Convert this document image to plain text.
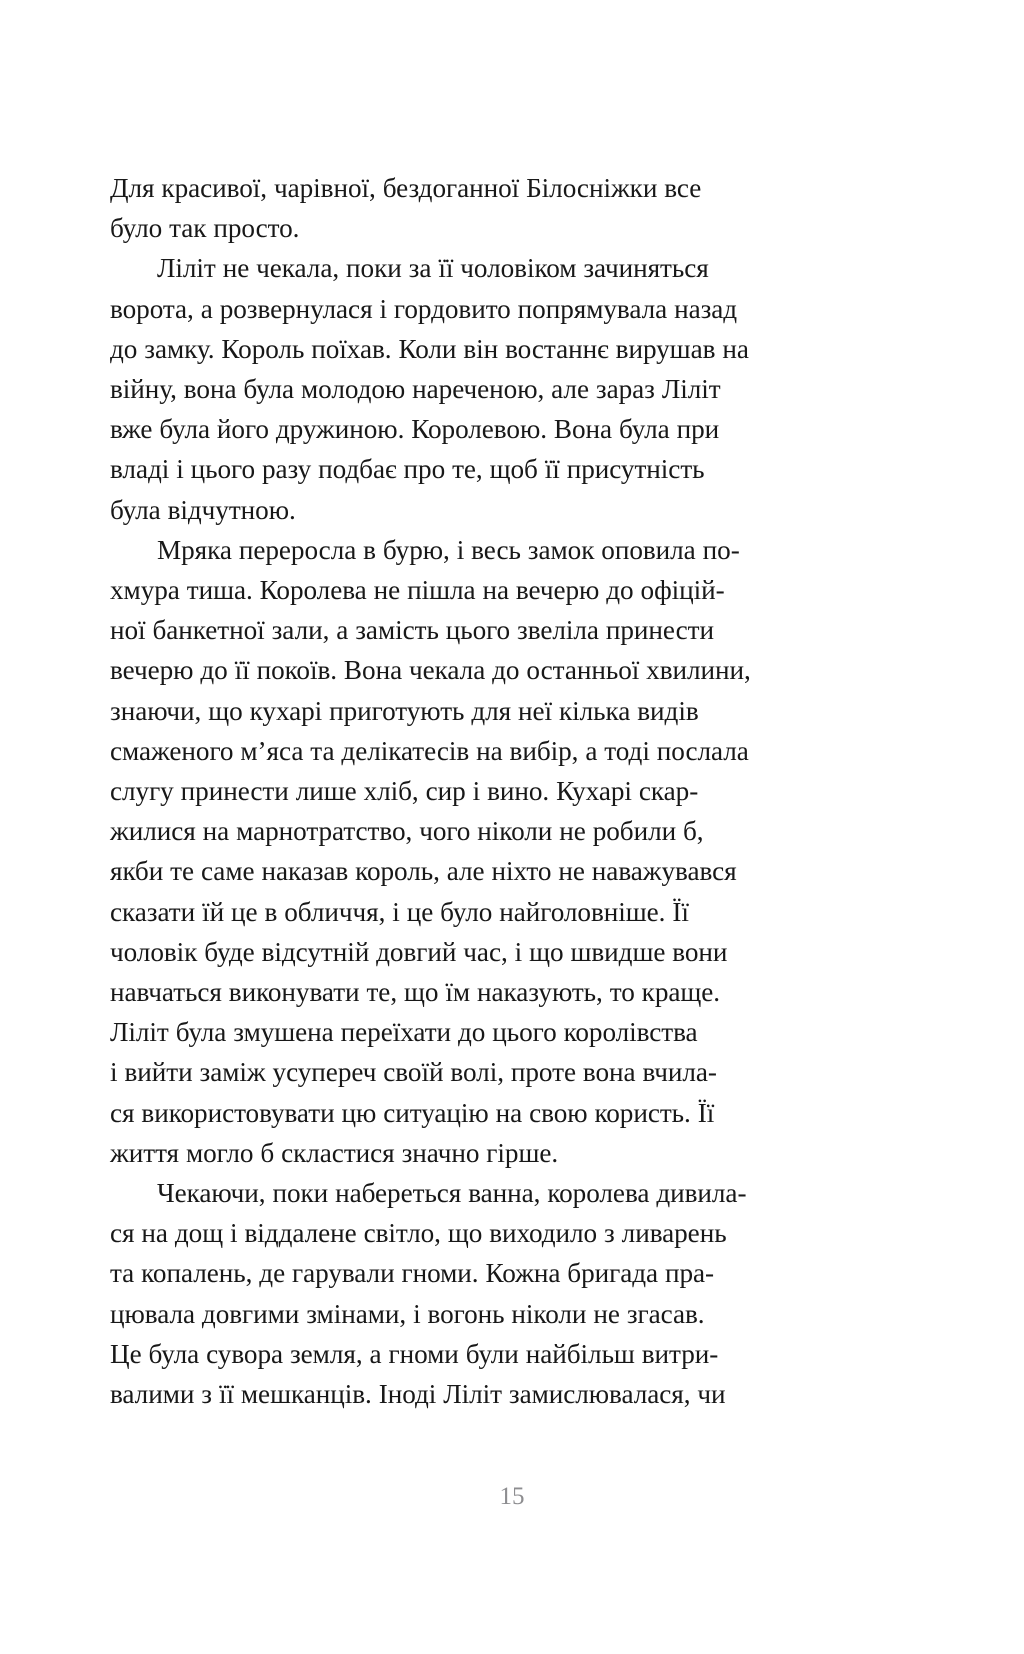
Для красивої, чарівної, бездоганної Білосніжки все
було так просто.

Ліліт не чекала, поки за її чоловіком зачиняться
ворота, а розвернулася і гордовито попрямувала назад
до замку. Король поїхав. Коли він востаннє вирушав на
війну, вона була молодою нареченою, але зараз Ліліт
вже була його дружиною. Королевою. Вона була при
владі і цього разу подбає про те, щоб її присутність
була відчутною.

Мряка переросла в бурю, і весь замок оповила по-
хмура тиша. Королева не пішла на вечерю до офіцій-
ної банкетної зали, а замість цього звеліла принести
вечерю до її покоїв. Вона чекала до останньої хвилини,
знаючи, що кухарі приготують для неї кілька видів
смаженого м’яса та делікатесів на вибір, а тоді послала
слугу принести лише хліб, сир і вино. Кухарі скар-
жилися на марнотратство, чого ніколи не робили б,
якби те саме наказав король, але ніхто не наважувався
сказати їй це в обличчя, і це було найголовніше. Її
чоловік буде відсутній довгий час, і що швидше вони
навчаться виконувати те, що їм наказують, то краще.
Ліліт була змушена переїхати до цього королівства
і вийти заміж усупереч своїй волі, проте вона вчила-
ся використовувати цю ситуацію на свою користь. Її
життя могло б скластися значно гірше.

Чекаючи, поки набереться ванна, королева дивила-
ся на дощ і віддалене світло, що виходило з ливарень
та копалень, де гарували гноми. Кожна бригада пра-
цювала довгими змінами, і вогонь ніколи не згасав.
Це була сувора земля, а гноми були найбільш витри-
валими з її мешканців. Іноді Ліліт замислювалася, чи

15
